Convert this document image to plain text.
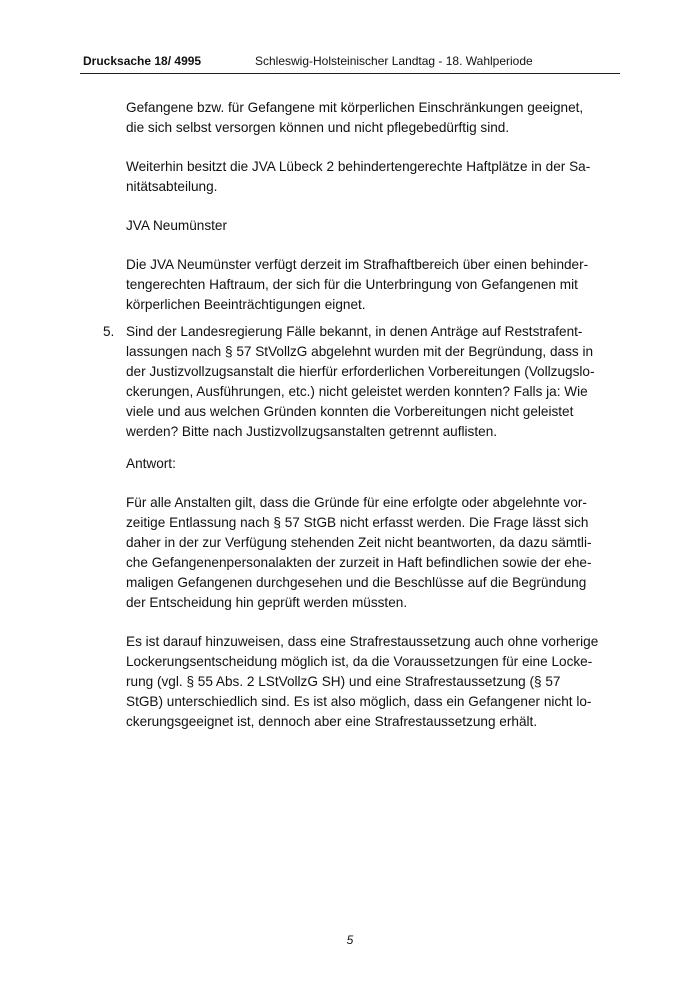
Drucksache 18/ 4995	Schleswig-Holsteinischer Landtag - 18. Wahlperiode

Gefangene bzw. für Gefangene mit körperlichen Einschränkungen geeignet,
die sich selbst versorgen können und nicht pflegebedürftig sind.

Weiterhin besitzt die JVA Lübeck 2 behindertengerechte Haftplätze in der Sa-
nitätsabteilung.

JVA Neumünster

Die JVA Neumünster verfügt derzeit im Strafhaftbereich über einen behinder-
tengerechten Haftraum, der sich für die Unterbringung von Gefangenen mit
körperlichen Beeinträchtigungen eignet.

5. Sind der Landesregierung Fälle bekannt, in denen Anträge auf Reststrafent-
lassungen nach § 57 StVollzG abgelehnt wurden mit der Begründung, dass in
der Justizvollzugsanstalt die hierfür erforderlichen Vorbereitungen (Vollzugslo-
ckerungen, Ausführungen, etc.) nicht geleistet werden konnten? Falls ja: Wie
viele und aus welchen Gründen konnten die Vorbereitungen nicht geleistet
werden? Bitte nach Justizvollzugsanstalten getrennt auflisten.

Antwort:

Für alle Anstalten gilt, dass die Gründe für eine erfolgte oder abgelehnte vor-
zeitige Entlassung nach § 57 StGB nicht erfasst werden. Die Frage lässt sich
daher in der zur Verfügung stehenden Zeit nicht beantworten, da dazu sämtli-
che Gefangenenpersonalakten der zurzeit in Haft befindlichen sowie der ehe-
maligen Gefangenen durchgesehen und die Beschlüsse auf die Begründung
der Entscheidung hin geprüft werden müssten.

Es ist darauf hinzuweisen, dass eine Strafrestaussetzung auch ohne vorherige
Lockerungsentscheidung möglich ist, da die Voraussetzungen für eine Locke-
rung (vgl. § 55 Abs. 2 LStVollzG SH) und eine Strafrestaussetzung (§ 57
StGB) unterschiedlich sind. Es ist also möglich, dass ein Gefangener nicht lo-
ckerungsgeeignet ist, dennoch aber eine Strafrestaussetzung erhält.

5
